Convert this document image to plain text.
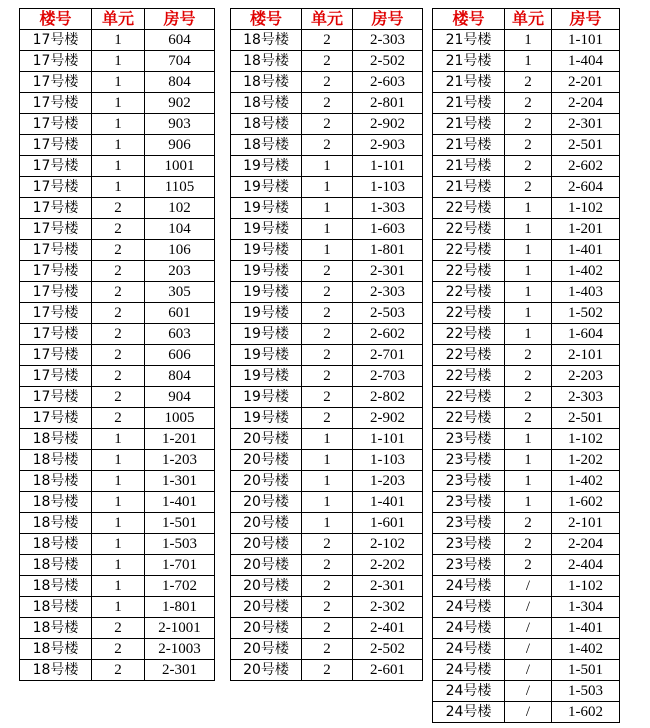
楼号	单元	房号
17号楼	1	604
17号楼	1	704
17号楼	1	804
17号楼	1	902
17号楼	1	903
17号楼	1	906
17号楼	1	1001
17号楼	1	1105
17号楼	2	102
17号楼	2	104
17号楼	2	106
17号楼	2	203
17号楼	2	305
17号楼	2	601
17号楼	2	603
17号楼	2	606
17号楼	2	804
17号楼	2	904
17号楼	2	1005
18号楼	1	1-201
18号楼	1	1-203
18号楼	1	1-301
18号楼	1	1-401
18号楼	1	1-501
18号楼	1	1-503
18号楼	1	1-701
18号楼	1	1-702
18号楼	1	1-801
18号楼	2	2-1001
18号楼	2	2-1003
18号楼	2	2-301
楼号	单元	房号
18号楼	2	2-303
18号楼	2	2-502
18号楼	2	2-603
18号楼	2	2-801
18号楼	2	2-902
18号楼	2	2-903
19号楼	1	1-101
19号楼	1	1-103
19号楼	1	1-303
19号楼	1	1-603
19号楼	1	1-801
19号楼	2	2-301
19号楼	2	2-303
19号楼	2	2-503
19号楼	2	2-602
19号楼	2	2-701
19号楼	2	2-703
19号楼	2	2-802
19号楼	2	2-902
20号楼	1	1-101
20号楼	1	1-103
20号楼	1	1-203
20号楼	1	1-401
20号楼	1	1-601
20号楼	2	2-102
20号楼	2	2-202
20号楼	2	2-301
20号楼	2	2-302
20号楼	2	2-401
20号楼	2	2-502
20号楼	2	2-601
楼号	单元	房号
21号楼	1	1-101
21号楼	1	1-404
21号楼	2	2-201
21号楼	2	2-204
21号楼	2	2-301
21号楼	2	2-501
21号楼	2	2-602
21号楼	2	2-604
22号楼	1	1-102
22号楼	1	1-201
22号楼	1	1-401
22号楼	1	1-402
22号楼	1	1-403
22号楼	1	1-502
22号楼	1	1-604
22号楼	2	2-101
22号楼	2	2-203
22号楼	2	2-303
22号楼	2	2-501
23号楼	1	1-102
23号楼	1	1-202
23号楼	1	1-402
23号楼	1	1-602
23号楼	2	2-101
23号楼	2	2-204
23号楼	2	2-404
24号楼	/	1-102
24号楼	/	1-304
24号楼	/	1-401
24号楼	/	1-402
24号楼	/	1-501
24号楼	/	1-503
24号楼	/	1-602
